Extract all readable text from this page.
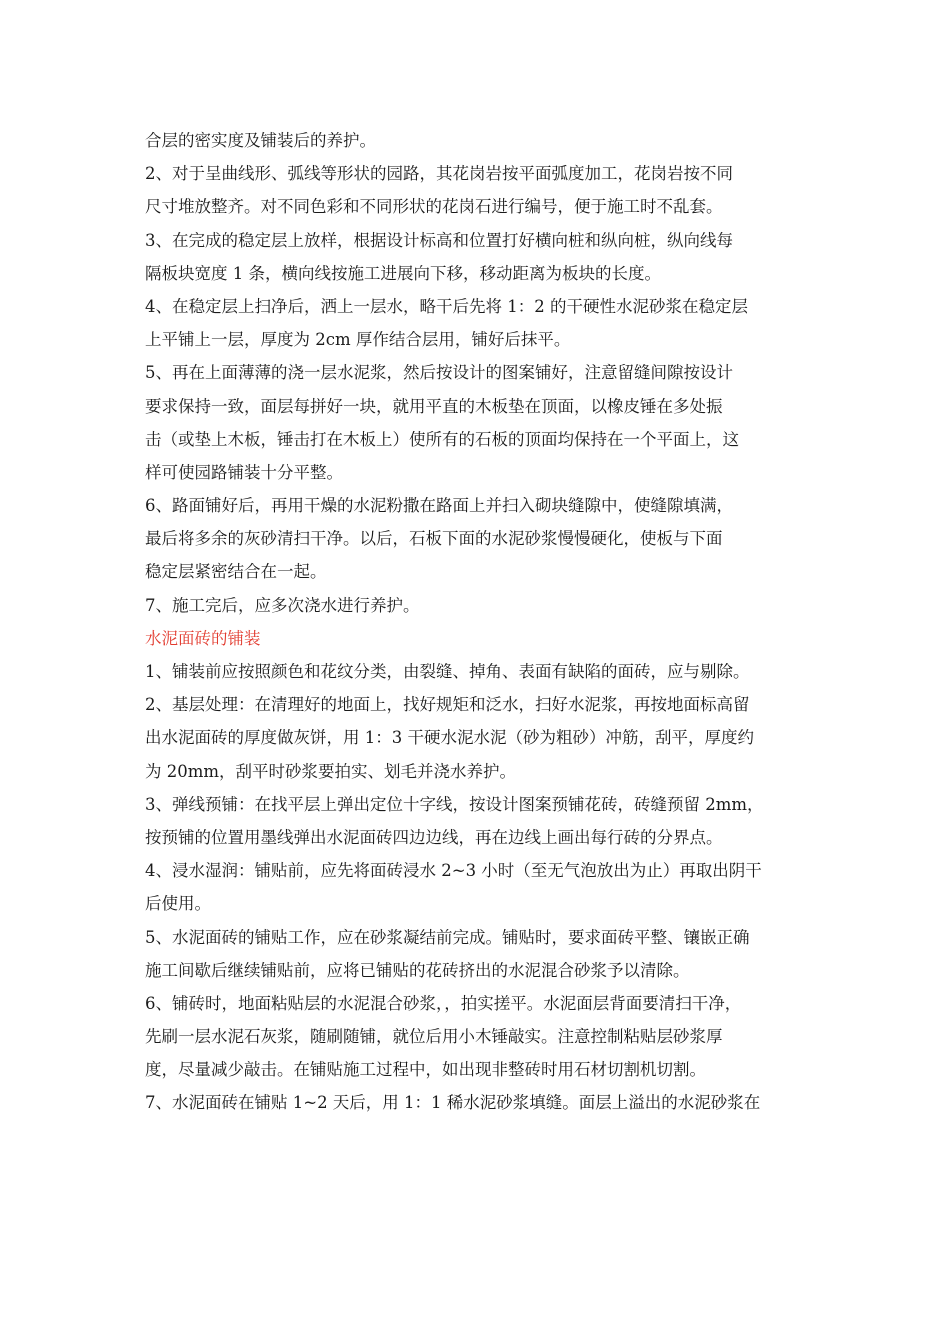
合层的密实度及铺装后的养护。
2、对于呈曲线形、弧线等形状的园路，其花岗岩按平面弧度加工，花岗岩按不同
尺寸堆放整齐。对不同色彩和不同形状的花岗石进行编号，便于施工时不乱套。
3、在完成的稳定层上放样，根据设计标高和位置打好横向桩和纵向桩，纵向线每
隔板块宽度 1 条，横向线按施工进展向下移，移动距离为板块的长度。
4、在稳定层上扫净后，洒上一层水，略干后先将 1：2 的干硬性水泥砂浆在稳定层
上平铺上一层，厚度为 2cm 厚作结合层用，铺好后抹平。
5、再在上面薄薄的浇一层水泥浆，然后按设计的图案铺好，注意留缝间隙按设计
要求保持一致，面层每拼好一块，就用平直的木板垫在顶面，以橡皮锤在多处振
击（或垫上木板，锤击打在木板上）使所有的石板的顶面均保持在一个平面上，这
样可使园路铺装十分平整。
6、路面铺好后，再用干燥的水泥粉撒在路面上并扫入砌块缝隙中，使缝隙填满，
最后将多余的灰砂清扫干净。以后，石板下面的水泥砂浆慢慢硬化，使板与下面
稳定层紧密结合在一起。
7、施工完后，应多次浇水进行养护。
水泥面砖的铺装
1、铺装前应按照颜色和花纹分类，由裂缝、掉角、表面有缺陷的面砖，应与剔除。
2、基层处理：在清理好的地面上，找好规矩和泛水，扫好水泥浆，再按地面标高留
出水泥面砖的厚度做灰饼，用 1：3 干硬水泥水泥（砂为粗砂）冲筋，刮平，厚度约
为 20mm，刮平时砂浆要拍实、划毛并浇水养护。
3、弹线预铺：在找平层上弹出定位十字线，按设计图案预铺花砖，砖缝预留 2mm，
按预铺的位置用墨线弹出水泥面砖四边边线，再在边线上画出每行砖的分界点。
4、浸水湿润：铺贴前，应先将面砖浸水 2~3 小时（至无气泡放出为止）再取出阴干
后使用。
5、水泥面砖的铺贴工作，应在砂浆凝结前完成。铺贴时，要求面砖平整、镶嵌正确
施工间歇后继续铺贴前，应将已铺贴的花砖挤出的水泥混合砂浆予以清除。
6、铺砖时，地面粘贴层的水泥混合砂浆，，拍实搓平。水泥面层背面要清扫干净，
先刷一层水泥石灰浆，随刷随铺，就位后用小木锤敲实。注意控制粘贴层砂浆厚
度，尽量减少敲击。在铺贴施工过程中，如出现非整砖时用石材切割机切割。
7、水泥面砖在铺贴 1~2 天后，用 1：1 稀水泥砂浆填缝。面层上溢出的水泥砂浆在
